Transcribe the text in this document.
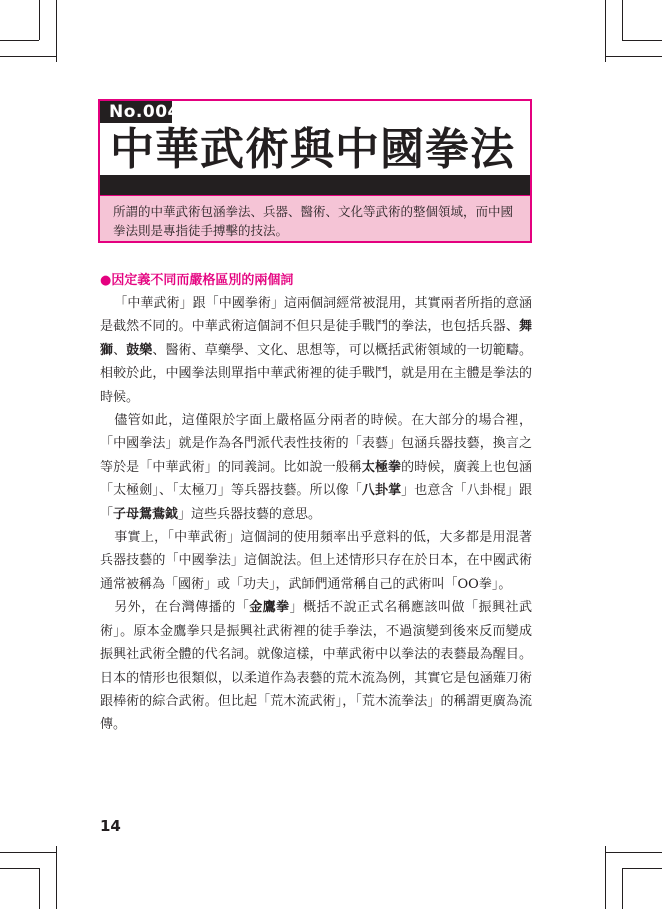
No.004
中華武術與中國拳法
所謂的中華武術包涵拳法、兵器、醫術、文化等武術的整個領域，而中國拳法則是專指徒手搏擊的技法。
●因定義不同而嚴格區別的兩個詞

「中華武術」跟「中國拳術」這兩個詞經常被混用，其實兩者所指的意涵是截然不同的。中華武術這個詞不但只是徒手戰鬥的拳法，也包括兵器、舞獅、鼓樂、醫術、草藥學、文化、思想等，可以概括武術領域的一切範疇。相較於此，中國拳法則單指中華武術裡的徒手戰鬥，就是用在主體是拳法的時候。

儘管如此，這僅限於字面上嚴格區分兩者的時候。在大部分的場合裡，「中國拳法」就是作為各門派代表性技術的「表藝」包涵兵器技藝，換言之等於是「中華武術」的同義詞。比如說一般稱太極拳的時候，廣義上也包涵「太極劍」、「太極刀」等兵器技藝。所以像「八卦掌」也意含「八卦棍」跟「子母鴛鴦鉞」這些兵器技藝的意思。

事實上，「中華武術」這個詞的使用頻率出乎意料的低，大多都是用混著兵器技藝的「中國拳法」這個說法。但上述情形只存在於日本，在中國武術通常被稱為「國術」或「功夫」，武師們通常稱自己的武術叫「OO拳」。

另外，在台灣傳播的「金鷹拳」概括不說正式名稱應該叫做「振興社武術」。原本金鷹拳只是振興社武術裡的徒手拳法，不過演變到後來反而變成振興社武術全體的代名詞。就像這樣，中華武術中以拳法的表藝最為醒目。日本的情形也很類似，以柔道作為表藝的荒木流為例，其實它是包涵薙刀術跟棒術的綜合武術。但比起「荒木流武術」，「荒木流拳法」的稱謂更廣為流傳。

14
